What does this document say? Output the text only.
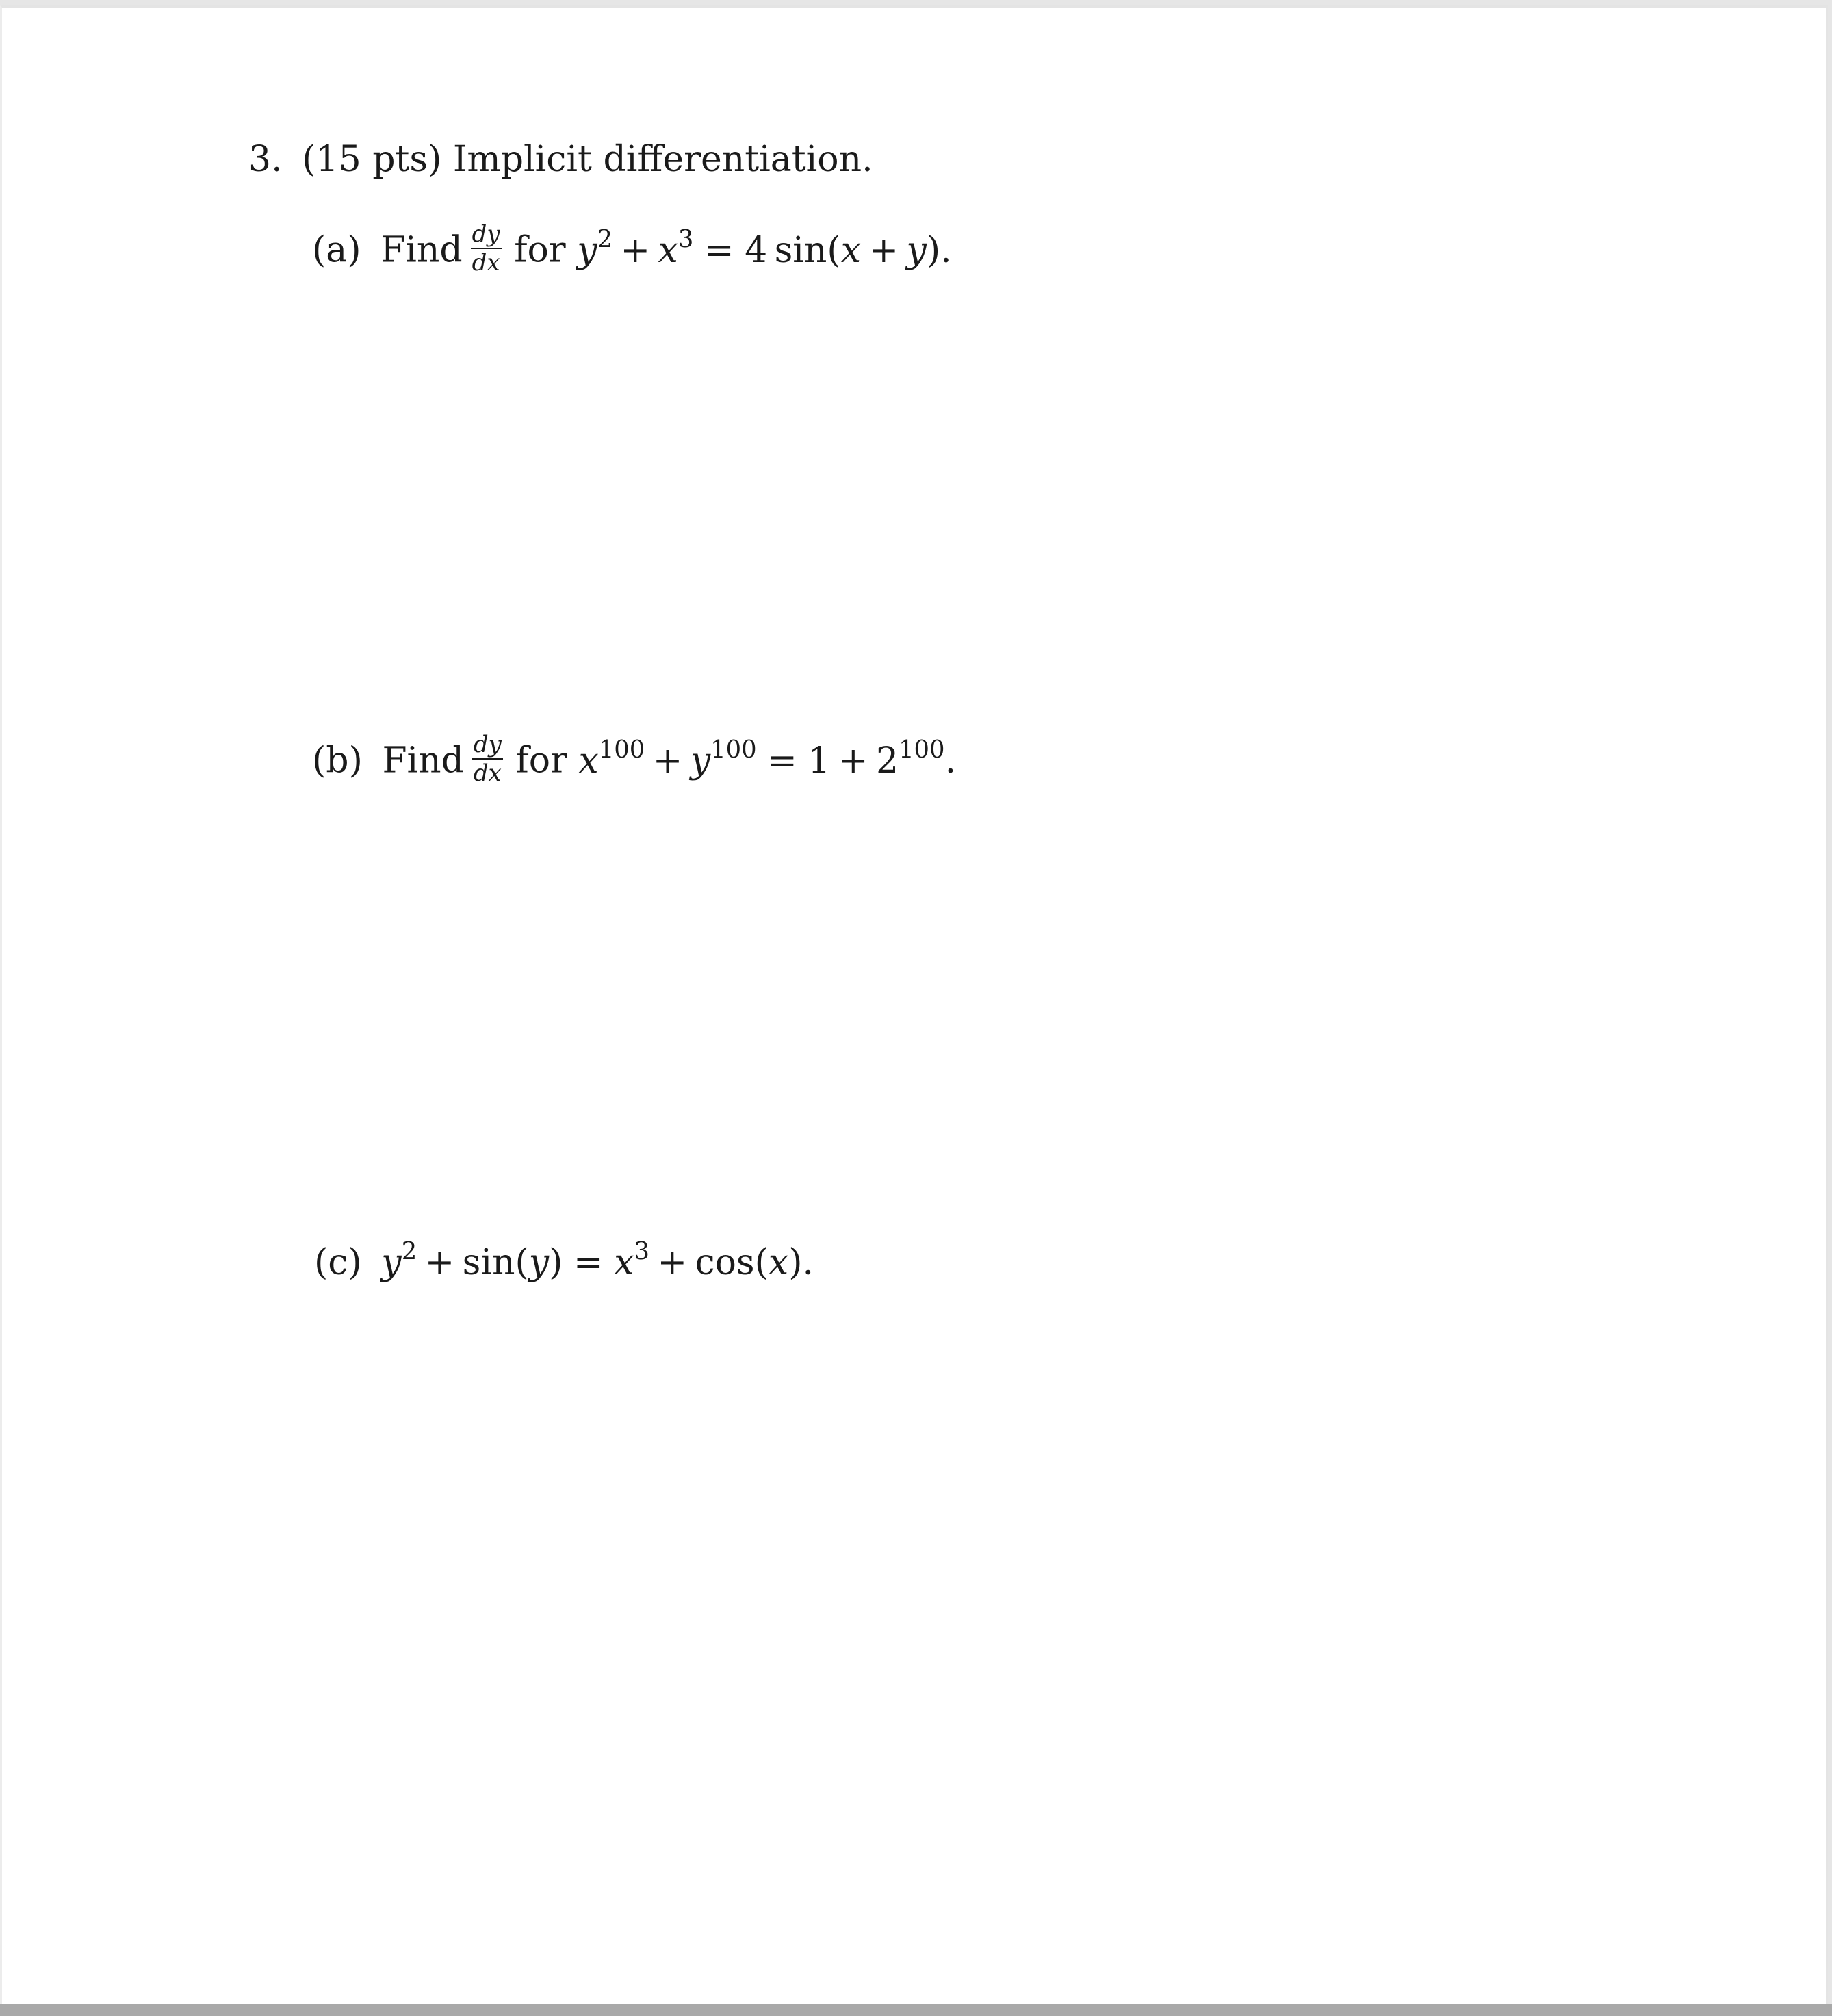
3. (15 pts) Implicit differentiation.
(a) Find $\frac{dy}{dx}$ for $y^2 + x^3 = 4$  sin(x + y).
(b) Find $\frac{dy}{dx}$ for $x^{100} + y^{100} = 1 + 2^{100}$.
(c) $y^2 + \sin(y) = x^3 + \cos(x)$.
